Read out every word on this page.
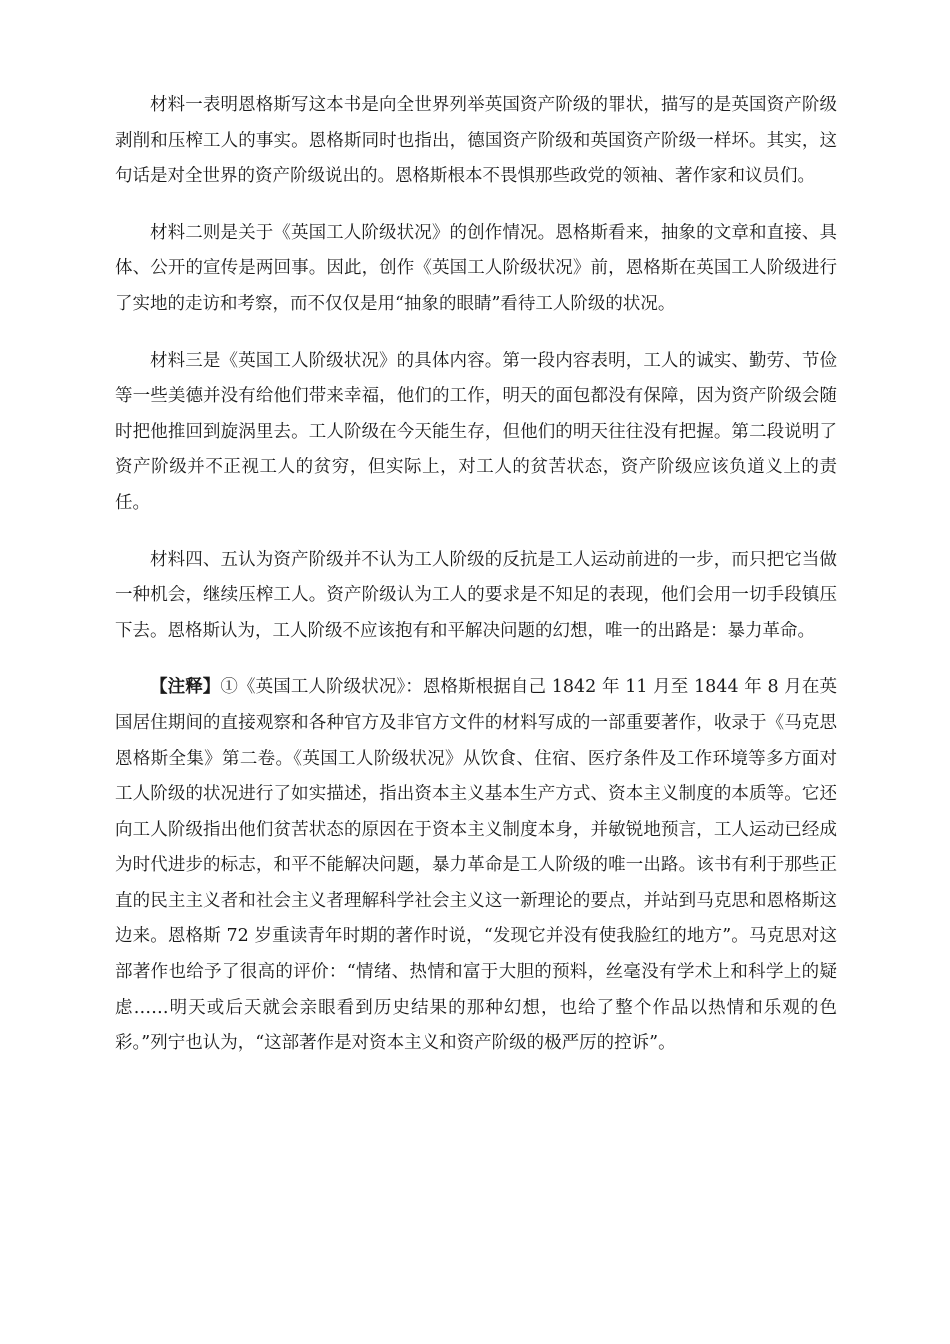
材料一表明恩格斯写这本书是向全世界列举英国资产阶级的罪状，描写的是英国资产阶级剥削和压榨工人的事实。恩格斯同时也指出，德国资产阶级和英国资产阶级一样坏。其实，这句话是对全世界的资产阶级说出的。恩格斯根本不畏惧那些政党的领袖、著作家和议员们。

材料二则是关于《英国工人阶级状况》的创作情况。恩格斯看来，抽象的文章和直接、具体、公开的宣传是两回事。因此，创作《英国工人阶级状况》前，恩格斯在英国工人阶级进行了实地的走访和考察，而不仅仅是用“抽象的眼睛”看待工人阶级的状况。

材料三是《英国工人阶级状况》的具体内容。第一段内容表明，工人的诚实、勤劳、节俭等一些美德并没有给他们带来幸福，他们的工作，明天的面包都没有保障，因为资产阶级会随时把他推回到旋涡里去。工人阶级在今天能生存，但他们的明天往往没有把握。第二段说明了资产阶级并不正视工人的贫穷，但实际上，对工人的贫苦状态，资产阶级应该负道义上的责任。

材料四、五认为资产阶级并不认为工人阶级的反抗是工人运动前进的一步，而只把它当做一种机会，继续压榨工人。资产阶级认为工人的要求是不知足的表现，他们会用一切手段镇压下去。恩格斯认为，工人阶级不应该抱有和平解决问题的幻想，唯一的出路是：暴力革命。

【注释】①《英国工人阶级状况》：恩格斯根据自己 1842 年 11 月至 1844 年 8 月在英国居住期间的直接观察和各种官方及非官方文件的材料写成的一部重要著作，收录于《马克思恩格斯全集》第二卷。《英国工人阶级状况》从饮食、住宿、医疗条件及工作环境等多方面对工人阶级的状况进行了如实描述，指出资本主义基本生产方式、资本主义制度的本质等。它还向工人阶级指出他们贫苦状态的原因在于资本主义制度本身，并敏锐地预言，工人运动已经成为时代进步的标志，和平不能解决问题，暴力革命是工人阶级的唯一出路。该书有利于那些正直的民主主义者和社会主义者理解科学社会主义这一新理论的要点，并站到马克思和恩格斯这边来。恩格斯 72 岁重读青年时期的著作时说，“发现它并没有使我脸红的地方”。马克思对这部著作也给予了很高的评价：“情绪、热情和富于大胆的预料，丝毫没有学术上和科学上的疑虑……明天或后天就会亲眼看到历史结果的那种幻想，也给了整个作品以热情和乐观的色彩。”列宁也认为，“这部著作是对资本主义和资产阶级的极严厉的控诉”。
